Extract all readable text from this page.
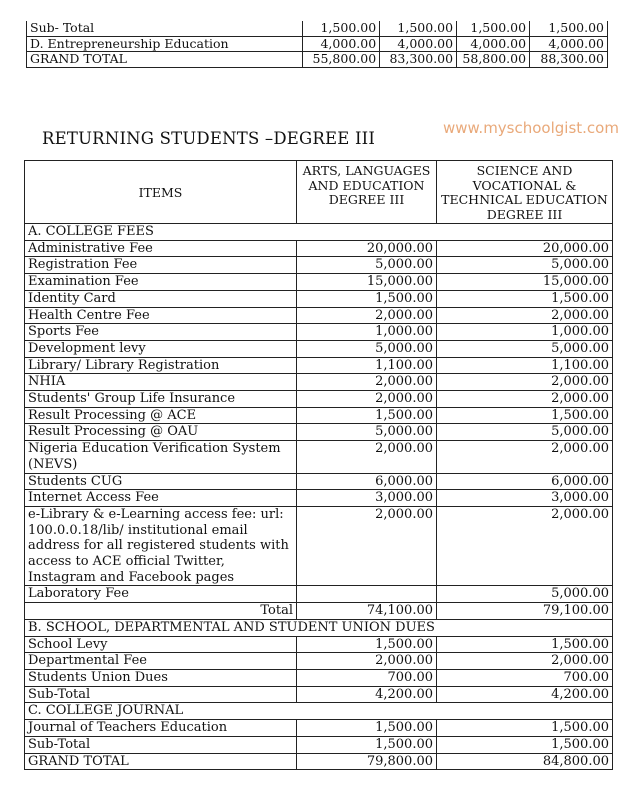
Sub- Total	1,500.00	1,500.00	1,500.00	1,500.00
D. Entrepreneurship Education	4,000.00	4,000.00	4,000.00	4,000.00
GRAND TOTAL	55,800.00	83,300.00	58,800.00	88,300.00
RETURNING STUDENTS –DEGREE III
www.myschoolgist.com
ITEMS	ARTS, LANGUAGES AND EDUCATION DEGREE III	SCIENCE AND VOCATIONAL & TECHNICAL EDUCATION DEGREE III
A. COLLEGE FEES		
Administrative Fee	20,000.00	20,000.00
Registration Fee	5,000.00	5,000.00
Examination Fee	15,000.00	15,000.00
Identity Card	1,500.00	1,500.00
Health Centre Fee	2,000.00	2,000.00
Sports Fee	1,000.00	1,000.00
Development levy	5,000.00	5,000.00
Library/ Library Registration	1,100.00	1,100.00
NHIA	2,000.00	2,000.00
Students' Group Life Insurance	2,000.00	2,000.00
Result Processing @ ACE	1,500.00	1,500.00
Result Processing @ OAU	5,000.00	5,000.00
Nigeria Education Verification System (NEVS)	2,000.00	2,000.00
Students CUG	6,000.00	6,000.00
Internet Access Fee	3,000.00	3,000.00
e-Library & e-Learning access fee: url: 100.0.0.18/lib/ institutional email address for all registered students with access to ACE official Twitter, Instagram and Facebook pages	2,000.00	2,000.00
Laboratory Fee		5,000.00
Total	74,100.00	79,100.00
B. SCHOOL, DEPARTMENTAL AND STUDENT UNION DUES		
School Levy	1,500.00	1,500.00
Departmental Fee	2,000.00	2,000.00
Students Union Dues	700.00	700.00
Sub-Total	4,200.00	4,200.00
C. COLLEGE JOURNAL		
Journal of Teachers Education	1,500.00	1,500.00
Sub-Total	1,500.00	1,500.00
GRAND TOTAL	79,800.00	84,800.00
